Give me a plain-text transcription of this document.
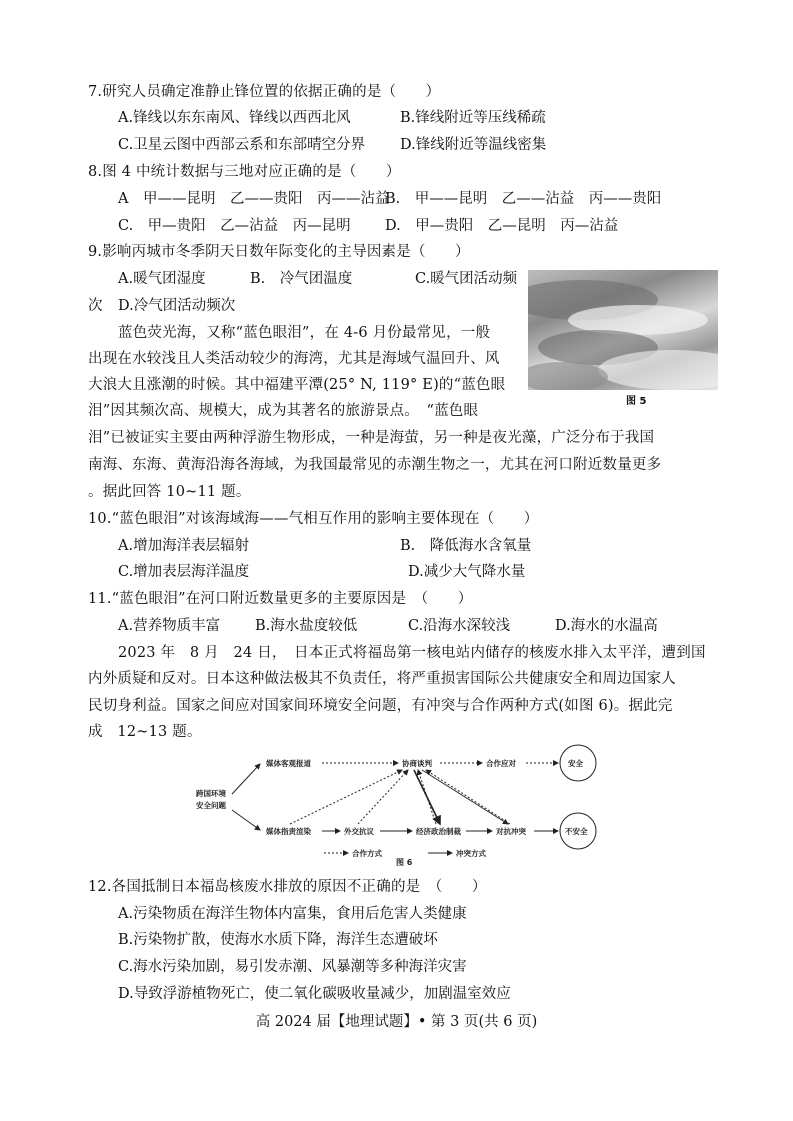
7.研究人员确定准静止锋位置的依据正确的是（　　）
A.锋线以东东南风、锋线以西西北风	B.锋线附近等压线稀疏
C.卫星云图中西部云系和东部晴空分界 D.锋线附近等温线密集
8.图 4 中统计数据与三地对应正确的是（　　）
A　甲——昆明　乙——贵阳　丙——沾益
B.　甲——昆明　乙——沾益　丙——贵阳
C.　甲—贵阳　乙—沾益　丙—昆明 D.　甲—贵阳　乙—昆明　丙—沾益
9.影响丙城市冬季阴天日数年际变化的主导因素是（　　）
A.暖气团湿度	B.　冷气团温度	C.暖气团活动频
次 D.冷气团活动频次
图 5
蓝色荧光海，又称“蓝色眼泪”，在 4-6 月份最常见，一般
出现在水较浅且人类活动较少的海湾，尤其是海域气温回升、风
大浪大且涨潮的时候。其中福建平潭(25° N, 119° E)的“蓝色眼
泪”因其频次高、规模大，成为其著名的旅游景点。　“蓝色眼
泪”已被证实主要由两种浮游生物形成，一种是海萤，另一种是夜光藻，广泛分布于我国
南海、东海、黄海沿海各海域，为我国最常见的赤潮生物之一，尤其在河口附近数量更多
。据此回答 10~11 题。
10.“蓝色眼泪”对该海域海——气相互作用的影响主要体现在（　　）
A.增加海洋表层辐射	B.　降低海水含氧量
C.增加表层海洋温度	D.减少大气降水量
11.“蓝色眼泪”在河口附近数量更多的主要原因是　（　　）
A.营养物质丰富 B.海水盐度较低	C.沿海水深较浅	D.海水的水温高
2023 年　8 月　24 日，　日本正式将福岛第一核电站内储存的核废水排入太平洋，遭到国
内外质疑和反对。日本这种做法极其不负责任，将严重损害国际公共健康安全和周边国家人
民切身利益。国家之间应对国家间环境安全问题，有冲突与合作两种方式(如图 6)。据此完
成　12~13 题。
跨国环境
安全问题
媒体客观报道	协商谈判	合作应对	安全
媒体指责渲染	外交抗议	经济政治制裁	对抗冲突	不安全
合作方式	冲突方式
图 6
12.各国抵制日本福岛核废水排放的原因不正确的是　（　　）
A.污染物质在海洋生物体内富集，食用后危害人类健康
B.污染物扩散，使海水水质下降，海洋生态遭破坏
C.海水污染加剧，易引发赤潮、风暴潮等多种海洋灾害
D.导致浮游植物死亡，使二氧化碳吸收量减少，加剧温室效应
高 2024 届【地理试题】• 第 3 页(共 6 页)
